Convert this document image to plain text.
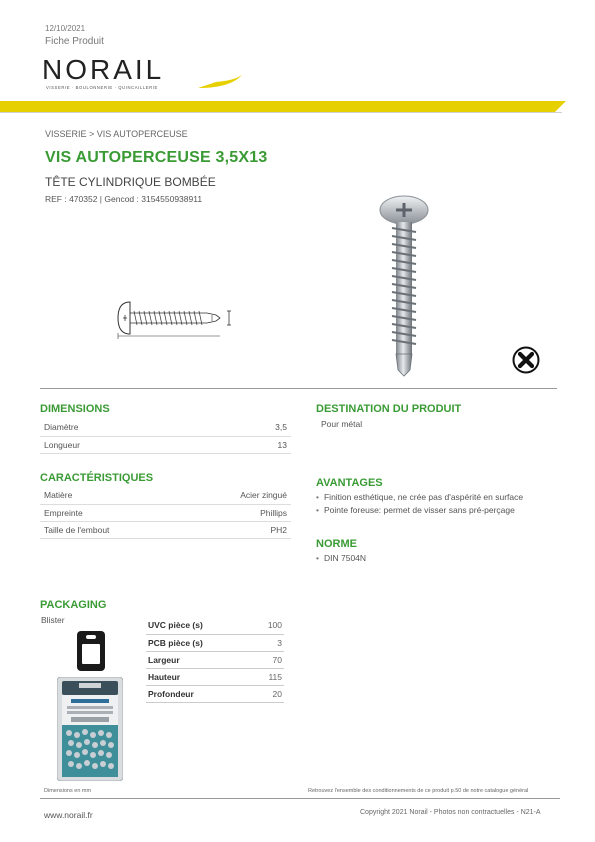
12/10/2021
Fiche Produit
NORAIL
VISSERIE · BOULONNERIE · QUINCAILLERIE
VISSERIE > VIS AUTOPERCEUSE
VIS AUTOPERCEUSE 3,5X13
TÊTE CYLINDRIQUE BOMBÉE
REF : 470352 | Gencod : 3154550938911
DIMENSIONS
Diamètre	3,5
Longueur	13
CARACTÉRISTIQUES
Matière	Acier zingué
Empreinte	Phillips
Taille de l'embout	PH2
DESTINATION DU PRODUIT
Pour métal
AVANTAGES
• Finition esthétique, ne crée pas d'aspérité en surface
• Pointe foreuse: permet de visser sans pré-perçage
NORME
• DIN 7504N
PACKAGING
Blister
UVC pièce (s)	100
PCB pièce (s)	3
Largeur	70
Hauteur	115
Profondeur	20
Dimensions en mm	Retrouvez l'ensemble des conditionnements de ce produit p.50 de notre catalogue général
www.norail.fr	Copyright 2021 Norail - Photos non contractuelles - N21-A
